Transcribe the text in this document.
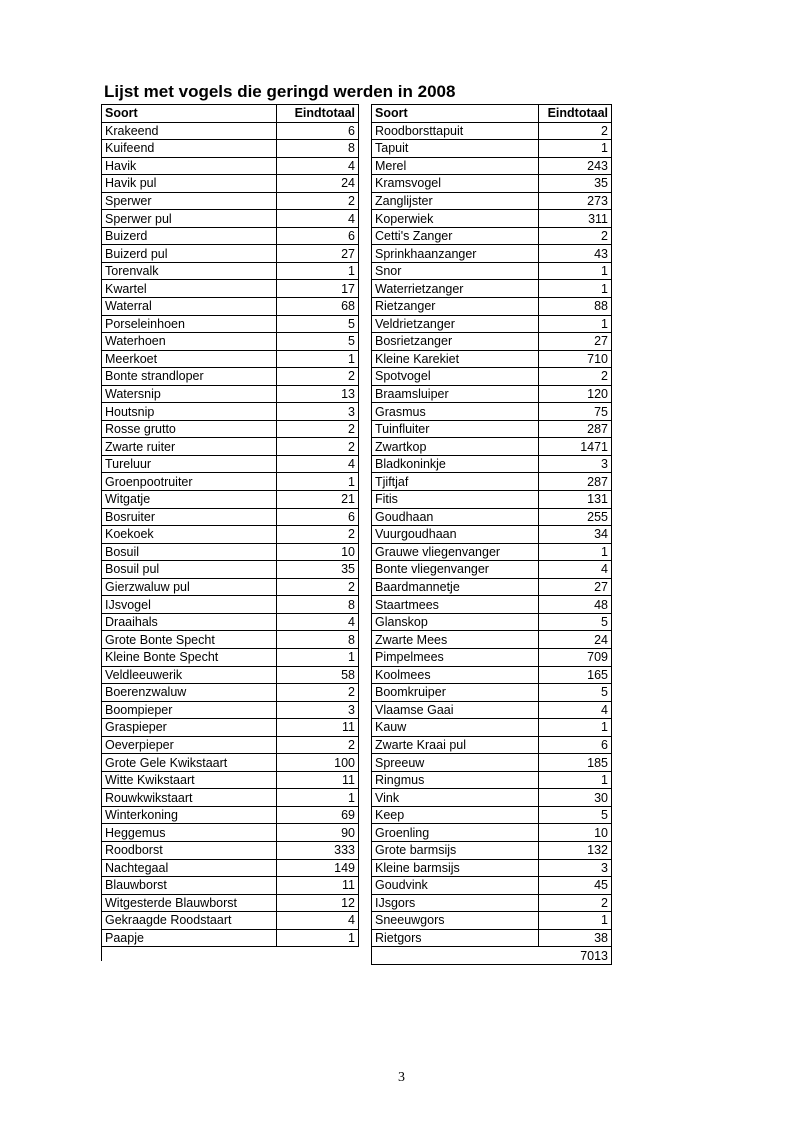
Lijst met vogels die geringd werden in 2008
Soort	Eindtotaal
Krakeend	6
Kuifeend	8
Havik	4
Havik pul	24
Sperwer	2
Sperwer pul	4
Buizerd	6
Buizerd pul	27
Torenvalk	1
Kwartel	17
Waterral	68
Porseleinhoen	5
Waterhoen	5
Meerkoet	1
Bonte strandloper	2
Watersnip	13
Houtsnip	3
Rosse grutto	2
Zwarte ruiter	2
Tureluur	4
Groenpootruiter	1
Witgatje	21
Bosruiter	6
Koekoek	2
Bosuil	10
Bosuil pul	35
Gierzwaluw pul	2
IJsvogel	8
Draaihals	4
Grote Bonte Specht	8
Kleine Bonte Specht	1
Veldleeuwerik	58
Boerenzwaluw	2
Boompieper	3
Graspieper	11
Oeverpieper	2
Grote Gele Kwikstaart	100
Witte Kwikstaart	11
Rouwkwikstaart	1
Winterkoning	69
Heggemus	90
Roodborst	333
Nachtegaal	149
Blauwborst	11
Witgesterde Blauwborst	12
Gekraagde Roodstaart	4
Paapje	1
Soort	Eindtotaal
Roodborsttapuit	2
Tapuit	1
Merel	243
Kramsvogel	35
Zanglijster	273
Koperwiek	311
Cetti's Zanger	2
Sprinkhaanzanger	43
Snor	1
Waterrietzanger	1
Rietzanger	88
Veldrietzanger	1
Bosrietzanger	27
Kleine Karekiet	710
Spotvogel	2
Braamsluiper	120
Grasmus	75
Tuinfluiter	287
Zwartkop	1471
Bladkoninkje	3
Tjiftjaf	287
Fitis	131
Goudhaan	255
Vuurgoudhaan	34
Grauwe vliegenvanger	1
Bonte vliegenvanger	4
Baardmannetje	27
Staartmees	48
Glanskop	5
Zwarte Mees	24
Pimpelmees	709
Koolmees	165
Boomkruiper	5
Vlaamse Gaai	4
Kauw	1
Zwarte Kraai pul	6
Spreeuw	185
Ringmus	1
Vink	30
Keep	5
Groenling	10
Grote barmsijs	132
Kleine barmsijs	3
Goudvink	45
IJsgors	2
Sneeuwgors	1
Rietgors	38
	7013
3
